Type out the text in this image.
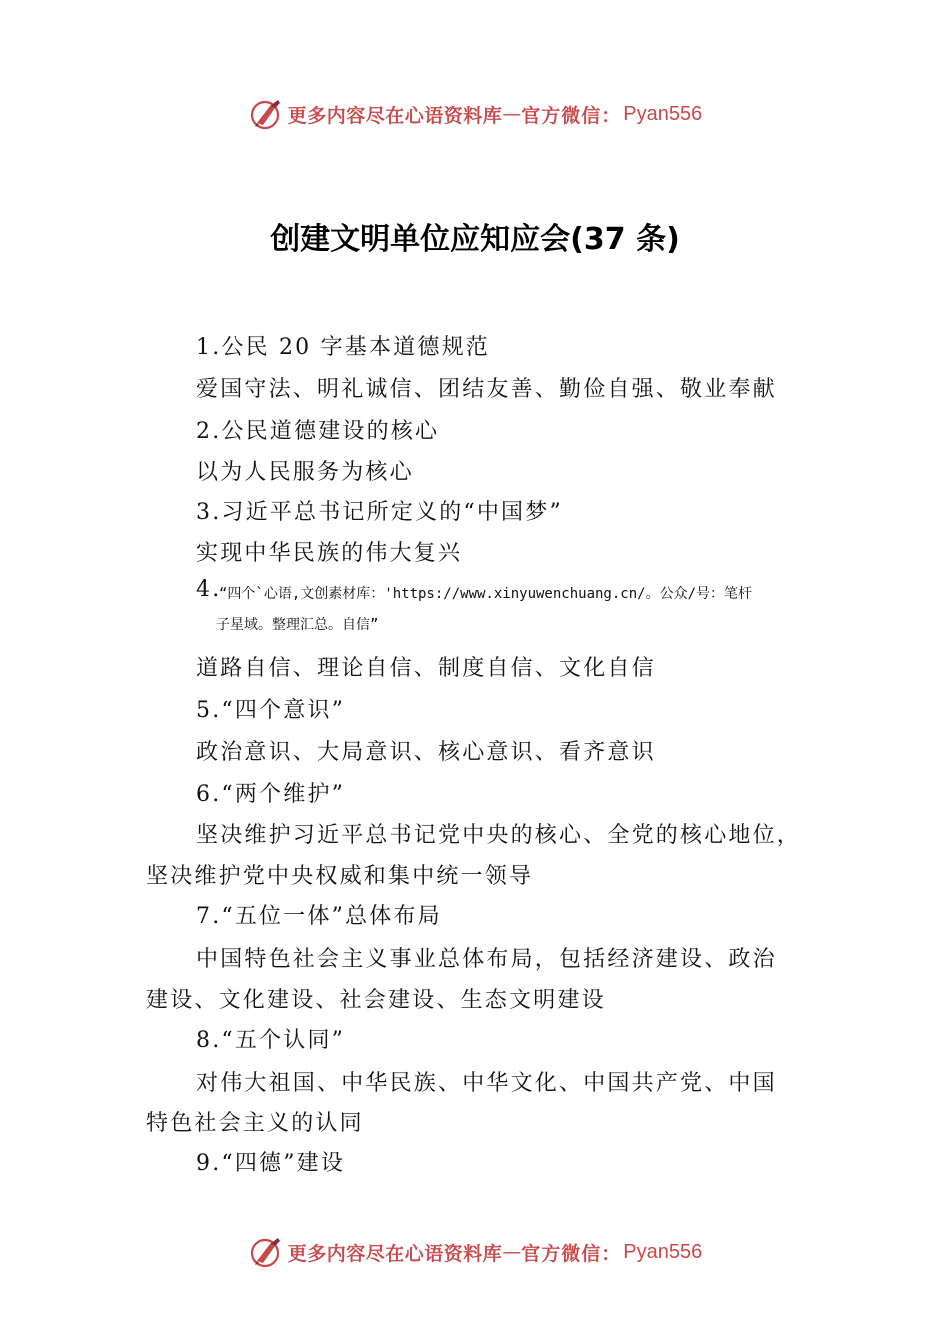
更多内容尽在心语资料库 — 官方微信： Pyan556
创建文明单位应知应会(37 条)
1.公民 20 字基本道德规范
爱国守法、明礼诚信、团结友善、勤俭自强、敬业奉献
2.公民道德建设的核心
以为人民服务为核心
3.习近平总书记所定义的“中国梦”
实现中华民族的伟大复兴
4.
“四个`心语,文创素材库：'https://www.xinyuwenchuang.cn/。公众/号：笔杆
子星域。整理汇总。自信”
道路自信、理论自信、制度自信、文化自信
5.“四个意识”
政治意识、大局意识、核心意识、看齐意识
6.“两个维护”
坚决维护习近平总书记党中央的核心、全党的核心地位，
坚决维护党中央权威和集中统一领导
7.“五位一体”总体布局
中国特色社会主义事业总体布局，包括经济建设、政治
建设、文化建设、社会建设、生态文明建设
8.“五个认同”
对伟大祖国、中华民族、中华文化、中国共产党、中国
特色社会主义的认同
9.“四德”建设
更多内容尽在心语资料库 — 官方微信： Pyan556
